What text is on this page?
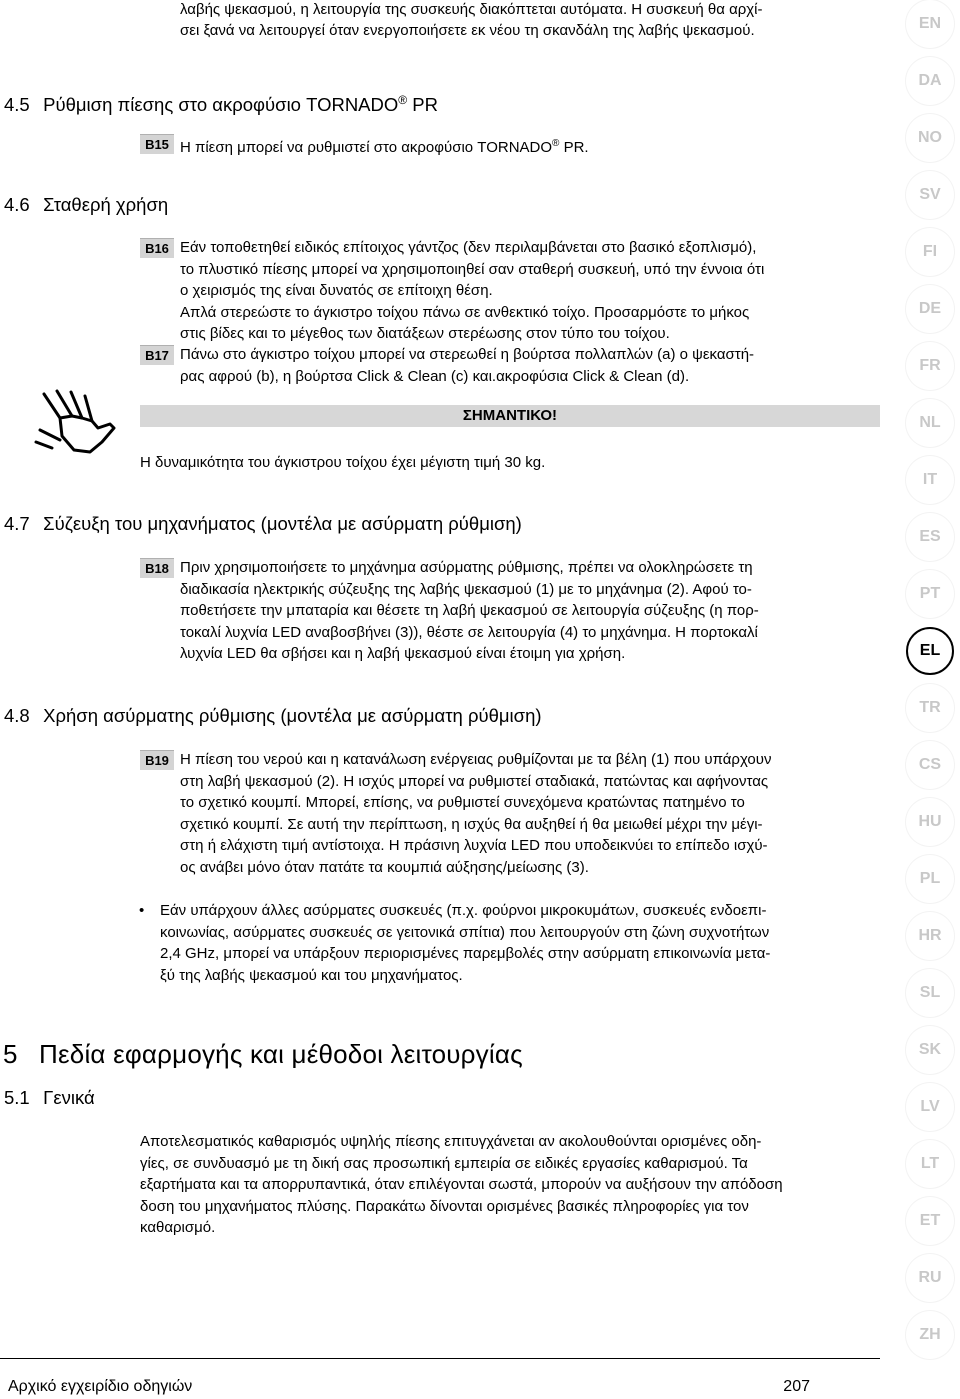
λαβής ψεκασμού, η λειτουργία της συσκευής διακόπτεται αυτόματα. Η συσκευή θα αρχί-

σει ξανά να λειτουργεί όταν ενεργοποιήσετε εκ νέου τη σκανδάλη της λαβής ψεκασμού.

4.5 Ρύθμιση πίεσης στο ακροφύσιο TORNADO® PR
B15 Η πίεση μπορεί να ρυθμιστεί στο ακροφύσιο TORNADO® PR.

4.6 Σταθερή χρήση
B16 Εάν τοποθετηθεί ειδικός επίτοιχος γάντζος (δεν περιλαμβάνεται στο βασικό εξοπλισμό),

το πλυστικό πίεσης μπορεί να χρησιμοποιηθεί σαν σταθερή συσκευή, υπό την έννοια ότι

ο χειρισμός της είναι δυνατός σε επίτοιχη θέση.

Απλά στερεώστε το άγκιστρο τοίχου πάνω σε ανθεκτικό τοίχο. Προσαρμόστε το μήκος

στις βίδες και το μέγεθος των διατάξεων στερέωσης στον τύπο του τοίχου.

B17 Πάνω στο άγκιστρο τοίχου μπορεί να στερεωθεί η βούρτσα πολλαπλών (a) ο ψεκαστή-

ρας αφρού (b), η βούρτσα Click & Clean (c) και.ακροφύσια Click & Clean (d).

ΣΗΜΑΝΤΙΚΟ!

Η δυναμικότητα του άγκιστρου τοίχου έχει μέγιστη τιμή 30 kg.

4.7 Σύζευξη του μηχανήματος (μοντέλα με ασύρματη ρύθμιση)
B18 Πριν χρησιμοποιήσετε το μηχάνημα ασύρματης ρύθμισης, πρέπει να ολοκληρώσετε τη

διαδικασία ηλεκτρικής σύζευξης της λαβής ψεκασμού (1) με το μηχάνημα (2). Αφού το-

ποθετήσετε την μπαταρία και θέσετε τη λαβή ψεκασμού σε λειτουργία σύζευξης (η πορ-

τοκαλί λυχνία LED αναβοσβήνει (3)), θέστε σε λειτουργία (4) το μηχάνημα. Η πορτοκαλί

λυχνία LED θα σβήσει και η λαβή ψεκασμού είναι έτοιμη για χρήση.

4.8 Χρήση ασύρματης ρύθμισης (μοντέλα με ασύρματη ρύθμιση)
B19 Η πίεση του νερού και η κατανάλωση ενέργειας ρυθμίζονται με τα βέλη (1) που υπάρχουν

στη λαβή ψεκασμού (2). Η ισχύς μπορεί να ρυθμιστεί σταδιακά, πατώντας και αφήνοντας

το σχετικό κουμπί. Μπορεί, επίσης, να ρυθμιστεί συνεχόμενα κρατώντας πατημένο το

σχετικό κουμπί. Σε αυτή την περίπτωση, η ισχύς θα αυξηθεί ή θα μειωθεί μέχρι την μέγι-

στη ή ελάχιστη τιμή αντίστοιχα. Η πράσινη λυχνία LED που υποδεικνύει το επίπεδο ισχύ-

ος ανάβει μόνο όταν πατάτε τα κουμπιά αύξησης/μείωσης (3).

• Εάν υπάρχουν άλλες ασύρματες συσκευές (π.χ. φούρνοι μικροκυμάτων, συσκευές ενδοεπι-

κοινωνίας, ασύρματες συσκευές σε γειτονικά σπίτια) που λειτουργούν στη ζώνη συχνοτήτων

2,4 GHz, μπορεί να υπάρξουν περιορισμένες παρεμβολές στην ασύρματη επικοινωνία μετα-

ξύ της λαβής ψεκασμού και του μηχανήματος.

5 Πεδία εφαρμογής και μέθοδοι λειτουργίας
5.1 Γενικά

Αποτελεσματικός καθαρισμός υψηλής πίεσης επιτυγχάνεται αν ακολουθούνται ορισμένες οδη-

γίες, σε συνδυασμό με τη δική σας προσωπική εμπειρία σε ειδικές εργασίες καθαρισμού. Τα

εξαρτήματα και τα απορρυπαντικά, όταν επιλέγονται σωστά, μπορούν να αυξήσουν την απόδοση

δοση του μηχανήματος πλύσης. Παρακάτω δίνονται ορισμένες βασικές πληροφορίες για τον

καθαρισμό.

Αρχικό εγχειρίδιο οδηγιών	207
EN
DA
NO
SV
FI
DE
FR
NL
IT
ES
PT
EL
TR
CS
HU
PL
HR
SL
SK
LV
LT
ET
RU
ZH
